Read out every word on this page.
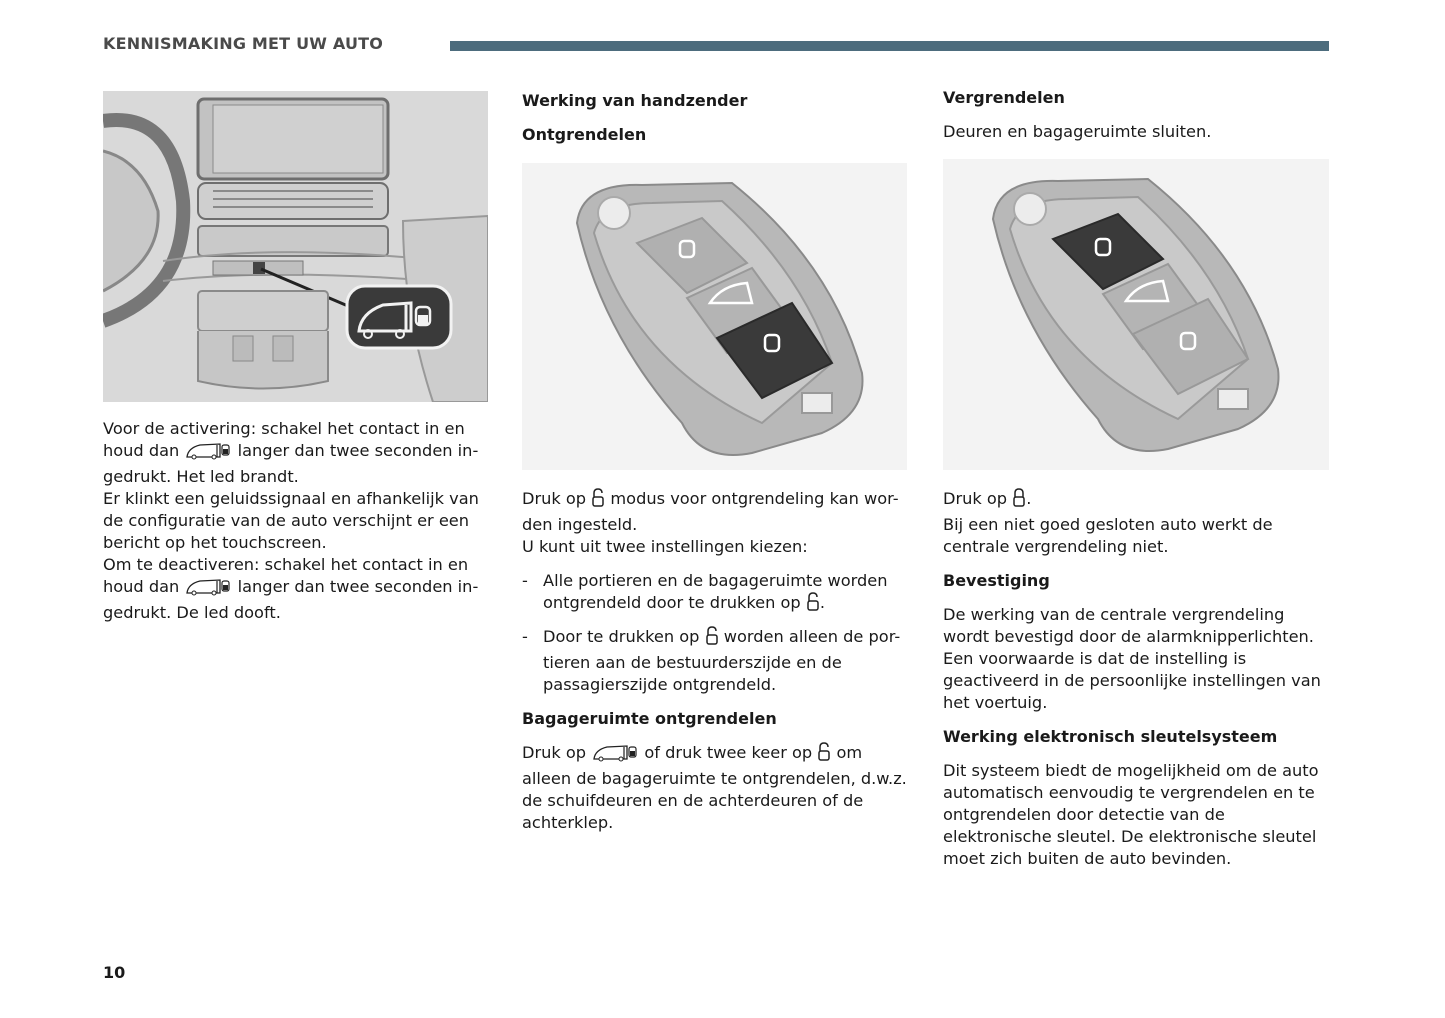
KENNISMAKING MET UW AUTO

Voor de activering: schakel het contact in en

houd dan	langer dan twee seconden in-

gedrukt. Het led brandt.

Er klinkt een geluidssignaal en afhankelijk van de configuratie van de auto verschijnt er een bericht op het touchscreen.

Om te deactiveren: schakel het contact in en

houd dan	langer dan twee seconden in-

gedrukt. De led dooft.

Werking van handzender

Ontgrendelen

Druk op modus voor ontgrendeling kan wor-

den ingesteld.

U kunt uit twee instellingen kiezen:

- Alle portieren en de bagageruimte worden

ontgrendeld door te drukken op .

- Door te drukken op worden alleen de por-

tieren aan de bestuurderszijde en de passagierszijde ontgrendeld.

Bagageruimte ontgrendelen

Druk op	of druk twee keer op om

alleen de bagageruimte te ontgrendelen, d.w.z. de schuifdeuren en de achterdeuren of de achterklep.

Vergrendelen

Deuren en bagageruimte sluiten.

Druk op .

Bij een niet goed gesloten auto werkt de centrale vergrendeling niet.

Bevestiging

De werking van de centrale vergrendeling wordt bevestigd door de alarmknipperlichten. Een voorwaarde is dat de instelling is geactiveerd in de persoonlijke instellingen van het voertuig.

Werking elektronisch sleutelsysteem

Dit systeem biedt de mogelijkheid om de auto automatisch eenvoudig te vergrendelen en te ontgrendelen door detectie van de elektronische sleutel. De elektronische sleutel moet zich buiten de auto bevinden.

10
